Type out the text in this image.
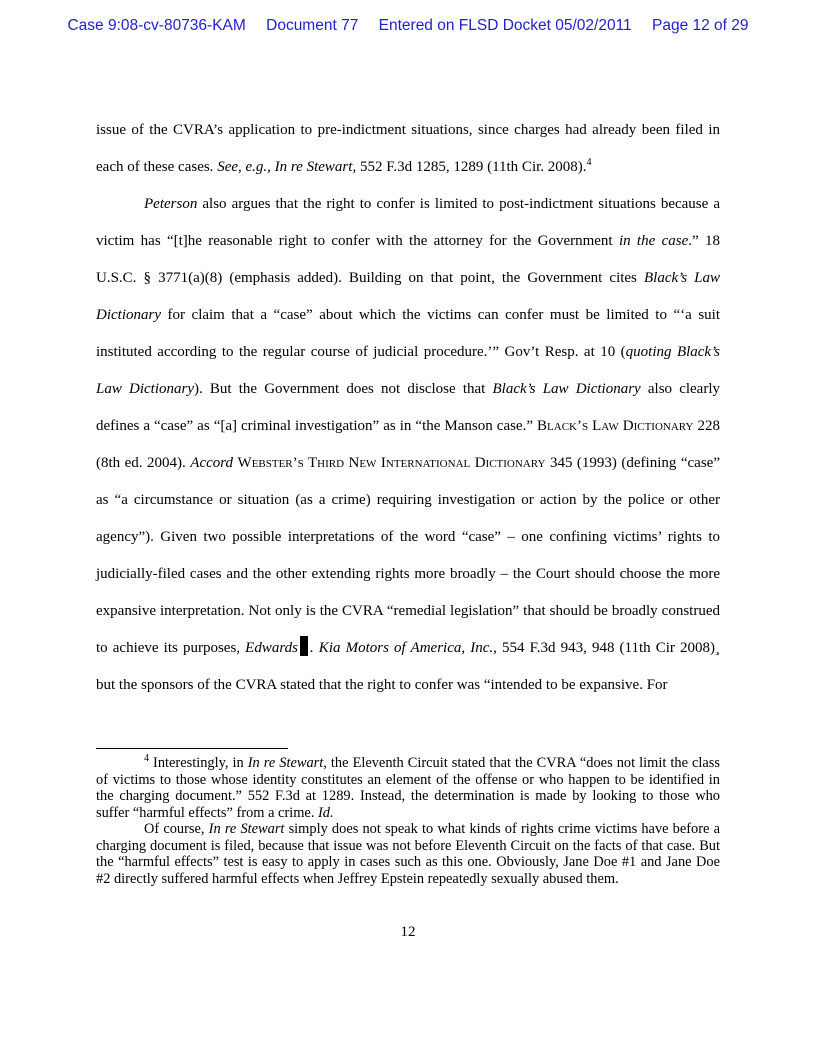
Case 9:08-cv-80736-KAM Document 77 Entered on FLSD Docket 05/02/2011 Page 12 of 29

issue of the CVRA’s application to pre-indictment situations, since charges had already been filed in each of these cases. See, e.g., In re Stewart, 552 F.3d 1285, 1289 (11th Cir. 2008).$^4$

Peterson also argues that the right to confer is limited to post-indictment situations because a victim has “[t]he reasonable right to confer with the attorney for the Government in the case.” 18 U.S.C. § 3771(a)(8) (emphasis added). Building on that point, the Government cites Black’s Law Dictionary for claim that a “case” about which the victims can confer must be limited to “‘a suit instituted according to the regular course of judicial procedure.’” Gov’t Resp. at 10 (quoting Black’s Law Dictionary). But the Government does not disclose that Black’s Law Dictionary also clearly defines a “case” as “[a] criminal investigation” as in “the Manson case.” Black’s Law Dictionary 228 (8th ed. 2004). Accord Webster’s Third New International Dictionary 345 (1993) (defining “case” as “a circumstance or situation (as a crime) requiring investigation or action by the police or other agency”). Given two possible interpretations of the word “case” – one confining victims’ rights to judicially-filed cases and the other extending rights more broadly – the Court should choose the more expansive interpretation. Not only is the CVRA “remedial legislation” that should be broadly construed to achieve its purposes, Edwards . Kia Motors of America, Inc., 554 F.3d 943, 948 (11th Cir 2008)¸ but the sponsors of the CVRA stated that the right to confer was “intended to be expansive. For

$^4$ Interestingly, in In re Stewart, the Eleventh Circuit stated that the CVRA “does not limit the class of victims to those whose identity constitutes an element of the offense or who happen to be identified in the charging document.” 552 F.3d at 1289. Instead, the determination is made by looking to those who suffer “harmful effects” from a crime. Id.

Of course, In re Stewart simply does not speak to what kinds of rights crime victims have before a charging document is filed, because that issue was not before Eleventh Circuit on the facts of that case. But the “harmful effects” test is easy to apply in cases such as this one. Obviously, Jane Doe #1 and Jane Doe #2 directly suffered harmful effects when Jeffrey Epstein repeatedly sexually abused them.

12
